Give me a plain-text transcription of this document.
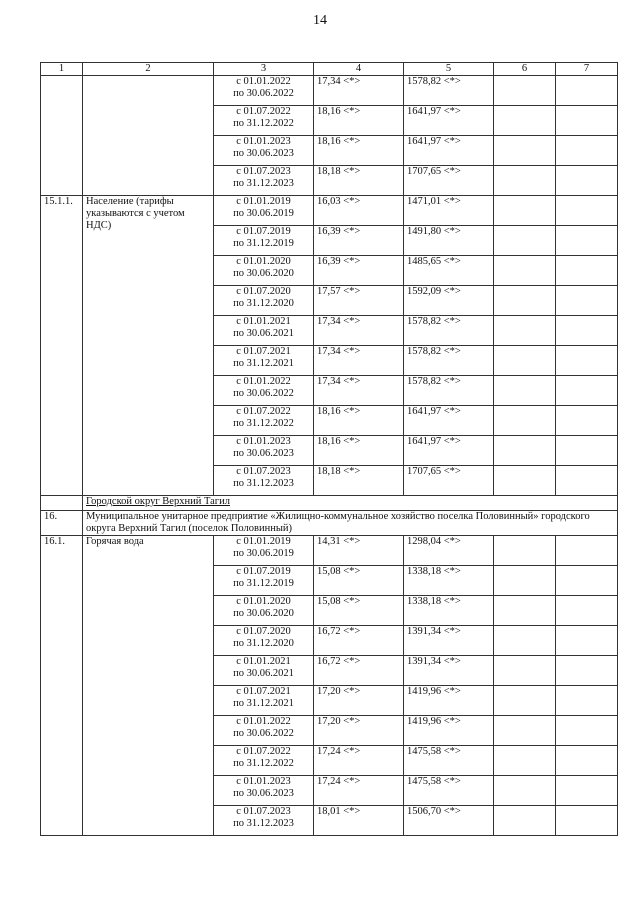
14
1	2	3	4	5	6	7

		с 01.01.2022
по 30.06.2022	17,34 <*>	1578,82 <*>		

		с 01.07.2022
по 31.12.2022	18,16 <*>	1641,97 <*>		

		с 01.01.2023
по 30.06.2023	18,16 <*>	1641,97 <*>		

		с 01.07.2023
по 31.12.2023	18,18 <*>	1707,65 <*>		
15.1.1.	Население (тарифы указываются с учетом НДС)	с 01.01.2019
по 30.06.2019	16,03 <*>	1471,01 <*>		

		с 01.07.2019
по 31.12.2019	16,39 <*>	1491,80 <*>		

		с 01.01.2020
по 30.06.2020	16,39 <*>	1485,65 <*>		

		с 01.07.2020
по 31.12.2020	17,57 <*>	1592,09 <*>		

		с 01.01.2021
по 30.06.2021	17,34 <*>	1578,82 <*>		

		с 01.07.2021
по 31.12.2021	17,34 <*>	1578,82 <*>		

		с 01.01.2022
по 30.06.2022	17,34 <*>	1578,82 <*>		

		с 01.07.2022
по 31.12.2022	18,16 <*>	1641,97 <*>		

		с 01.01.2023
по 30.06.2023	18,16 <*>	1641,97 <*>		

		с 01.07.2023
по 31.12.2023	18,18 <*>	1707,65 <*>		
	Городской округ Верхний Тагил					
16.	Муниципальное унитарное предприятие «Жилищно-коммунальное хозяйство поселка Половинный» городского округа Верхний Тагил (поселок Половинный)					
16.1.	Горячая вода	с 01.01.2019
по 30.06.2019	14,31 <*>	1298,04 <*>		

		с 01.07.2019
по 31.12.2019	15,08 <*>	1338,18 <*>		

		с 01.01.2020
по 30.06.2020	15,08 <*>	1338,18 <*>		

		с 01.07.2020
по 31.12.2020	16,72 <*>	1391,34 <*>		

		с 01.01.2021
по 30.06.2021	16,72 <*>	1391,34 <*>		

		с 01.07.2021
по 31.12.2021	17,20 <*>	1419,96 <*>		

		с 01.01.2022
по 30.06.2022	17,20 <*>	1419,96 <*>		

		с 01.07.2022
по 31.12.2022	17,24 <*>	1475,58 <*>		

		с 01.01.2023
по 30.06.2023	17,24 <*>	1475,58 <*>		

		с 01.07.2023
по 31.12.2023	18,01 <*>	1506,70 <*>		
